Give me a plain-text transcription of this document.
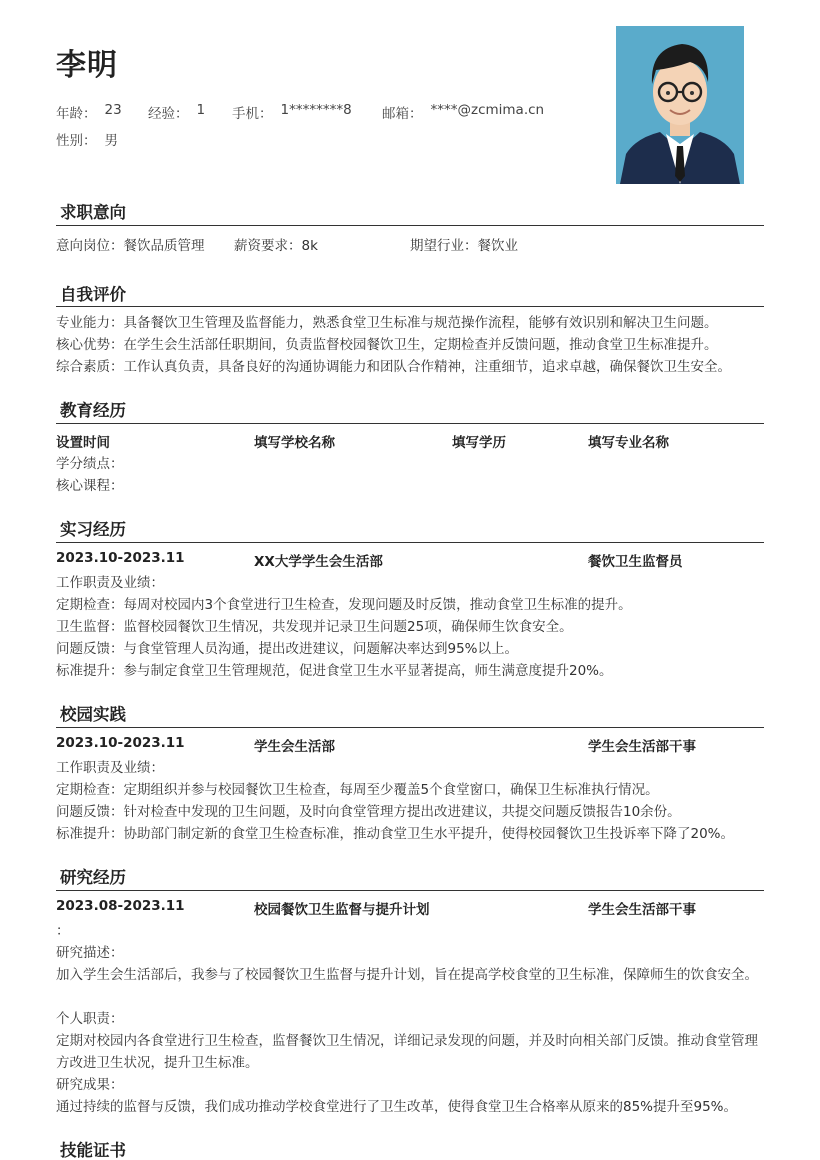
李明
年龄： 23 经验： 1 手机： 1********8 邮箱： ****@zcmima.cn
性别： 男
求职意向
意向岗位：餐饮品质管理 薪资要求：8k	期望行业：餐饮业
自我评价
专业能力：具备餐饮卫生管理及监督能力，熟悉食堂卫生标准与规范操作流程，能够有效识别和解决卫生问题。
核心优势：在学生会生活部任职期间，负责监督校园餐饮卫生，定期检查并反馈问题，推动食堂卫生标准提升。
综合素质：工作认真负责，具备良好的沟通协调能力和团队合作精神，注重细节，追求卓越，确保餐饮卫生安全。
教育经历
设置时间	填写学校名称	填写学历	填写专业名称
学分绩点：
核心课程：
实习经历
2023.10-2023.11	XX大学学生会生活部	餐饮卫生监督员
工作职责及业绩：
定期检查：每周对校园内3个食堂进行卫生检查，发现问题及时反馈，推动食堂卫生标准的提升。
卫生监督：监督校园餐饮卫生情况，共发现并记录卫生问题25项，确保师生饮食安全。
问题反馈：与食堂管理人员沟通，提出改进建议，问题解决率达到95%以上。
标准提升：参与制定食堂卫生管理规范，促进食堂卫生水平显著提高，师生满意度提升20%。
校园实践
2023.10-2023.11	学生会生活部	学生会生活部干事
工作职责及业绩：
定期检查：定期组织并参与校园餐饮卫生检查，每周至少覆盖5个食堂窗口，确保卫生标准执行情况。
问题反馈：针对检查中发现的卫生问题，及时向食堂管理方提出改进建议，共提交问题反馈报告10余份。
标准提升：协助部门制定新的食堂卫生检查标准，推动食堂卫生水平提升，使得校园餐饮卫生投诉率下降了20%。
研究经历
2023.08-2023.11	校园餐饮卫生监督与提升计划	学生会生活部干事
：
研究描述：
加入学生会生活部后，我参与了校园餐饮卫生监督与提升计划，旨在提高学校食堂的卫生标准，保障师生的饮食安全。
个人职责：
定期对校园内各食堂进行卫生检查，监督餐饮卫生情况，详细记录发现的问题，并及时向相关部门反馈。推动食堂管理方改进卫生状况，提升卫生标准。
研究成果：
通过持续的监督与反馈，我们成功推动学校食堂进行了卫生改革，使得食堂卫生合格率从原来的85%提升至95%。
技能证书
